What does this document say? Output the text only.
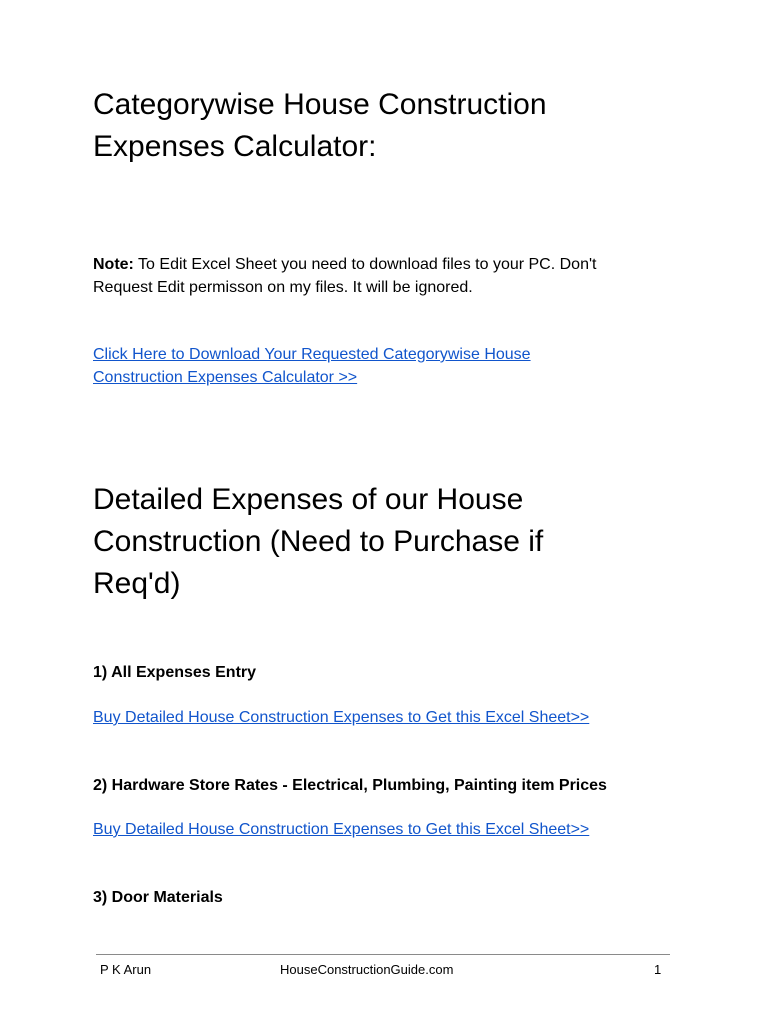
Categorywise House Construction
Expenses Calculator:

Note: To Edit Excel Sheet you need to download files to your PC. Don't
Request Edit permisson on my files. It will be ignored.

Click Here to Download Your Requested Categorywise House
Construction Expenses Calculator >>

Detailed Expenses of our House
Construction (Need to Purchase if
Req'd)

1) All Expenses Entry

Buy Detailed House Construction Expenses to Get this Excel Sheet>>

2) Hardware Store Rates - Electrical, Plumbing, Painting item Prices

Buy Detailed House Construction Expenses to Get this Excel Sheet>>

3) Door Materials

P K Arun	HouseConstructionGuide.com	1
